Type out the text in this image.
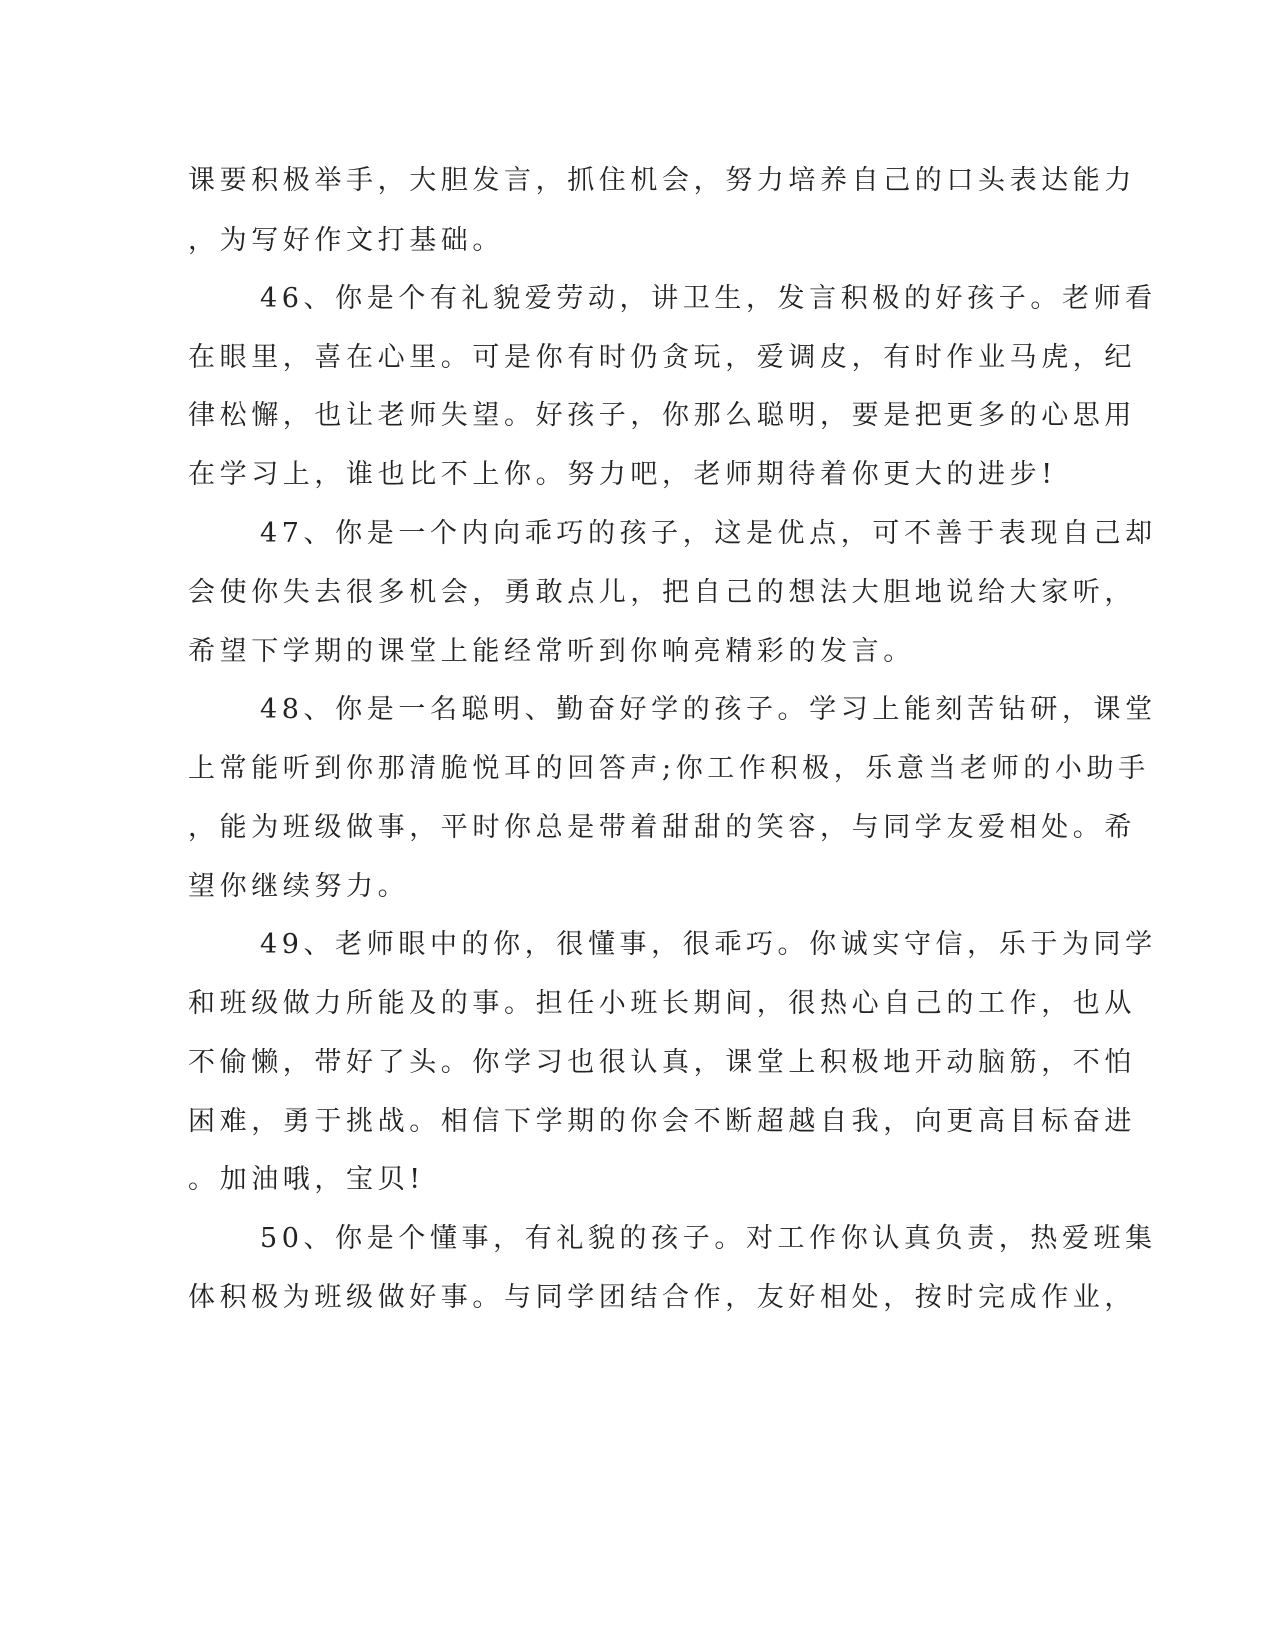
课要积极举手，大胆发言，抓住机会，努力培养自己的口头表达能力
，为写好作文打基础。
46、你是个有礼貌爱劳动，讲卫生，发言积极的好孩子。老师看
在眼里，喜在心里。可是你有时仍贪玩，爱调皮，有时作业马虎，纪
律松懈，也让老师失望。好孩子，你那么聪明，要是把更多的心思用
在学习上，谁也比不上你。努力吧，老师期待着你更大的进步!
47、你是一个内向乖巧的孩子，这是优点，可不善于表现自己却
会使你失去很多机会，勇敢点儿，把自己的想法大胆地说给大家听，
希望下学期的课堂上能经常听到你响亮精彩的发言。
48、你是一名聪明、勤奋好学的孩子。学习上能刻苦钻研，课堂
上常能听到你那清脆悦耳的回答声;你工作积极，乐意当老师的小助手
，能为班级做事，平时你总是带着甜甜的笑容，与同学友爱相处。希
望你继续努力。
49、老师眼中的你，很懂事，很乖巧。你诚实守信，乐于为同学
和班级做力所能及的事。担任小班长期间，很热心自己的工作，也从
不偷懒，带好了头。你学习也很认真，课堂上积极地开动脑筋，不怕
困难，勇于挑战。相信下学期的你会不断超越自我，向更高目标奋进
。加油哦，宝贝!
50、你是个懂事，有礼貌的孩子。对工作你认真负责，热爱班集
体积极为班级做好事。与同学团结合作，友好相处，按时完成作业，
